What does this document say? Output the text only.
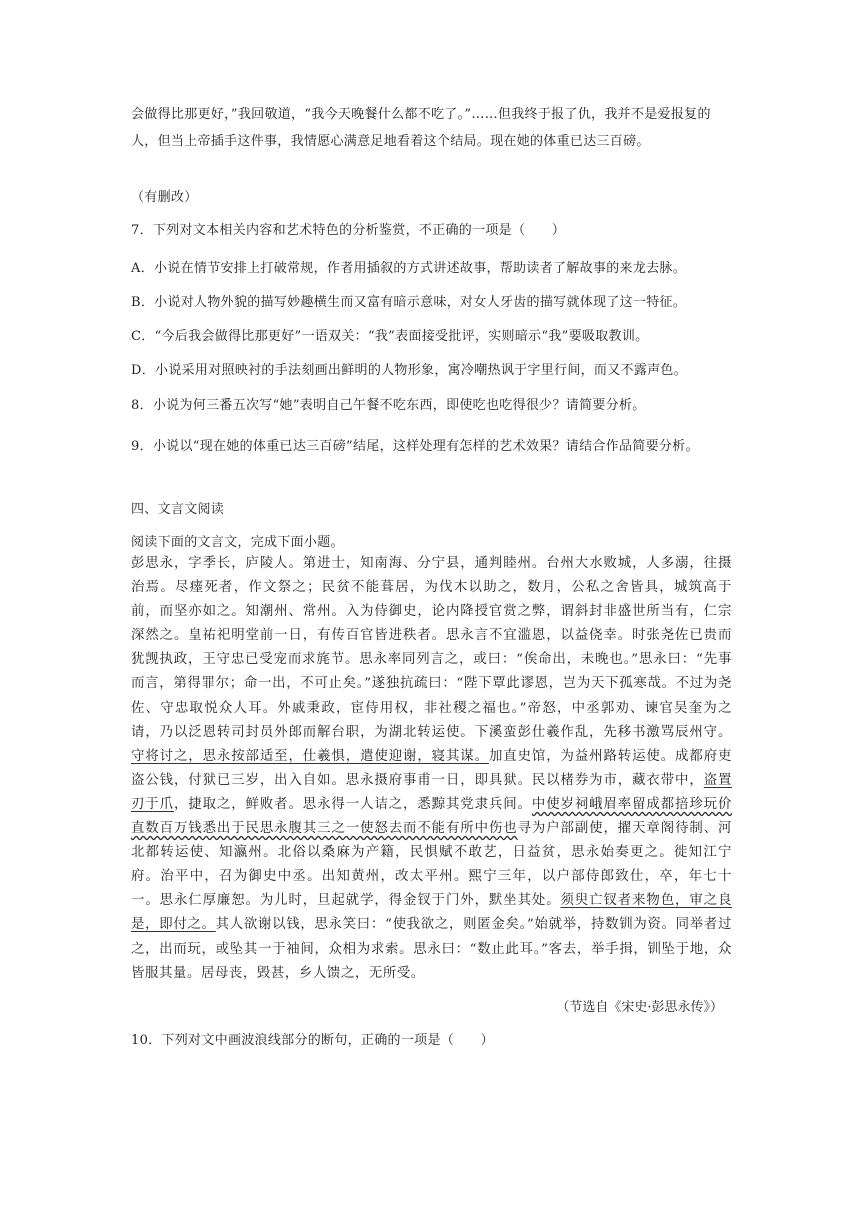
会做得比那更好，”我回敬道，“我今天晚餐什么都不吃了。”……但我终于报了仇，我并不是爱报复的人，但当上帝插手这件事，我情愿心满意足地看着这个结局。现在她的体重已达三百磅。

（有删改）

7．下列对文本相关内容和艺术特色的分析鉴赏，不正确的一项是（　　）

A．小说在情节安排上打破常规，作者用插叙的方式讲述故事，帮助读者了解故事的来龙去脉。

B．小说对人物外貌的描写妙趣横生而又富有暗示意味，对女人牙齿的描写就体现了这一特征。

C．“今后我会做得比那更好”一语双关：“我”表面接受批评，实则暗示“我”要吸取教训。

D．小说采用对照映衬的手法刻画出鲜明的人物形象，寓冷嘲热讽于字里行间，而又不露声色。

8．小说为何三番五次写“她”表明自己午餐不吃东西，即使吃也吃得很少？请简要分析。

9．小说以“现在她的体重已达三百磅”结尾，这样处理有怎样的艺术效果？请结合作品简要分析。

四、文言文阅读

阅读下面的文言文，完成下面小题。

彭思永，字季长，庐陵人。第进士，知南海、分宁县，通判睦州。台州大水败城，人多溺，往摄治焉。尽瘗死者，作文祭之；民贫不能葺居，为伐木以助之，数月，公私之舍皆具，城筑高于前，而坚亦如之。知潮州、常州。入为侍御史，论内降授官赏之弊，谓斜封非盛世所当有，仁宗深然之。皇祐祀明堂前一日，有传百官皆进秩者。思永言不宜滥恩，以益侥幸。时张尧佐已贵而犹觊执政，王守忠已受宠而求旄节。思永率同列言之，或曰：“俟命出，未晚也。”思永曰：“先事而言，第得罪尔；命一出，不可止矣。”遂独抗疏曰：“陛下覃此谬恩，岂为天下孤寒哉。不过为尧佐、守忠取悦众人耳。外戚秉政，宦侍用权，非社稷之福也。”帝怒，中丞郭劝、谏官吴奎为之请，乃以泛恩转司封员外郎而解台职，为湖北转运使。下溪蛮彭仕羲作乱，先移书激骂辰州守。守将讨之，思永按部适至，仕羲惧，遣使迎谢，寝其谋。加直史馆，为益州路转运使。成都府吏盗公钱，付狱已三岁，出入自如。思永摄府事甫一日，即具狱。民以楮券为市，藏衣带中，盗置刃于爪，捷取之，鲜败者。思永得一人诘之，悉黥其党隶兵间。中使岁祠峨眉率留成都掊珍玩价直数百万钱悉出于民思永腹其三之一使怒去而不能有所中伤也寻为户部副使，擢天章阁待制、河北都转运使、知瀛州。北俗以桑麻为产籍，民惧赋不敢艺，日益贫，思永始奏更之。徙知江宁府。治平中，召为御史中丞。出知黄州，改太平州。熙宁三年，以户部侍郎致仕，卒，年七十一。思永仁厚廉恕。为儿时，旦起就学，得金钗于门外，默坐其处。须臾亡钗者来物色，审之良是，即付之。其人欲谢以钱，思永笑曰：“使我欲之，则匿金矣。”始就举，持数钏为资。同举者过之，出而玩，或坠其一于袖间，众相为求索。思永曰：“数止此耳。”客去，举手揖，钏坠于地，众皆服其量。居母丧，毁甚，乡人馈之，无所受。

（节选自《宋史·彭思永传》）

10．下列对文中画波浪线部分的断句，正确的一项是（　　）
